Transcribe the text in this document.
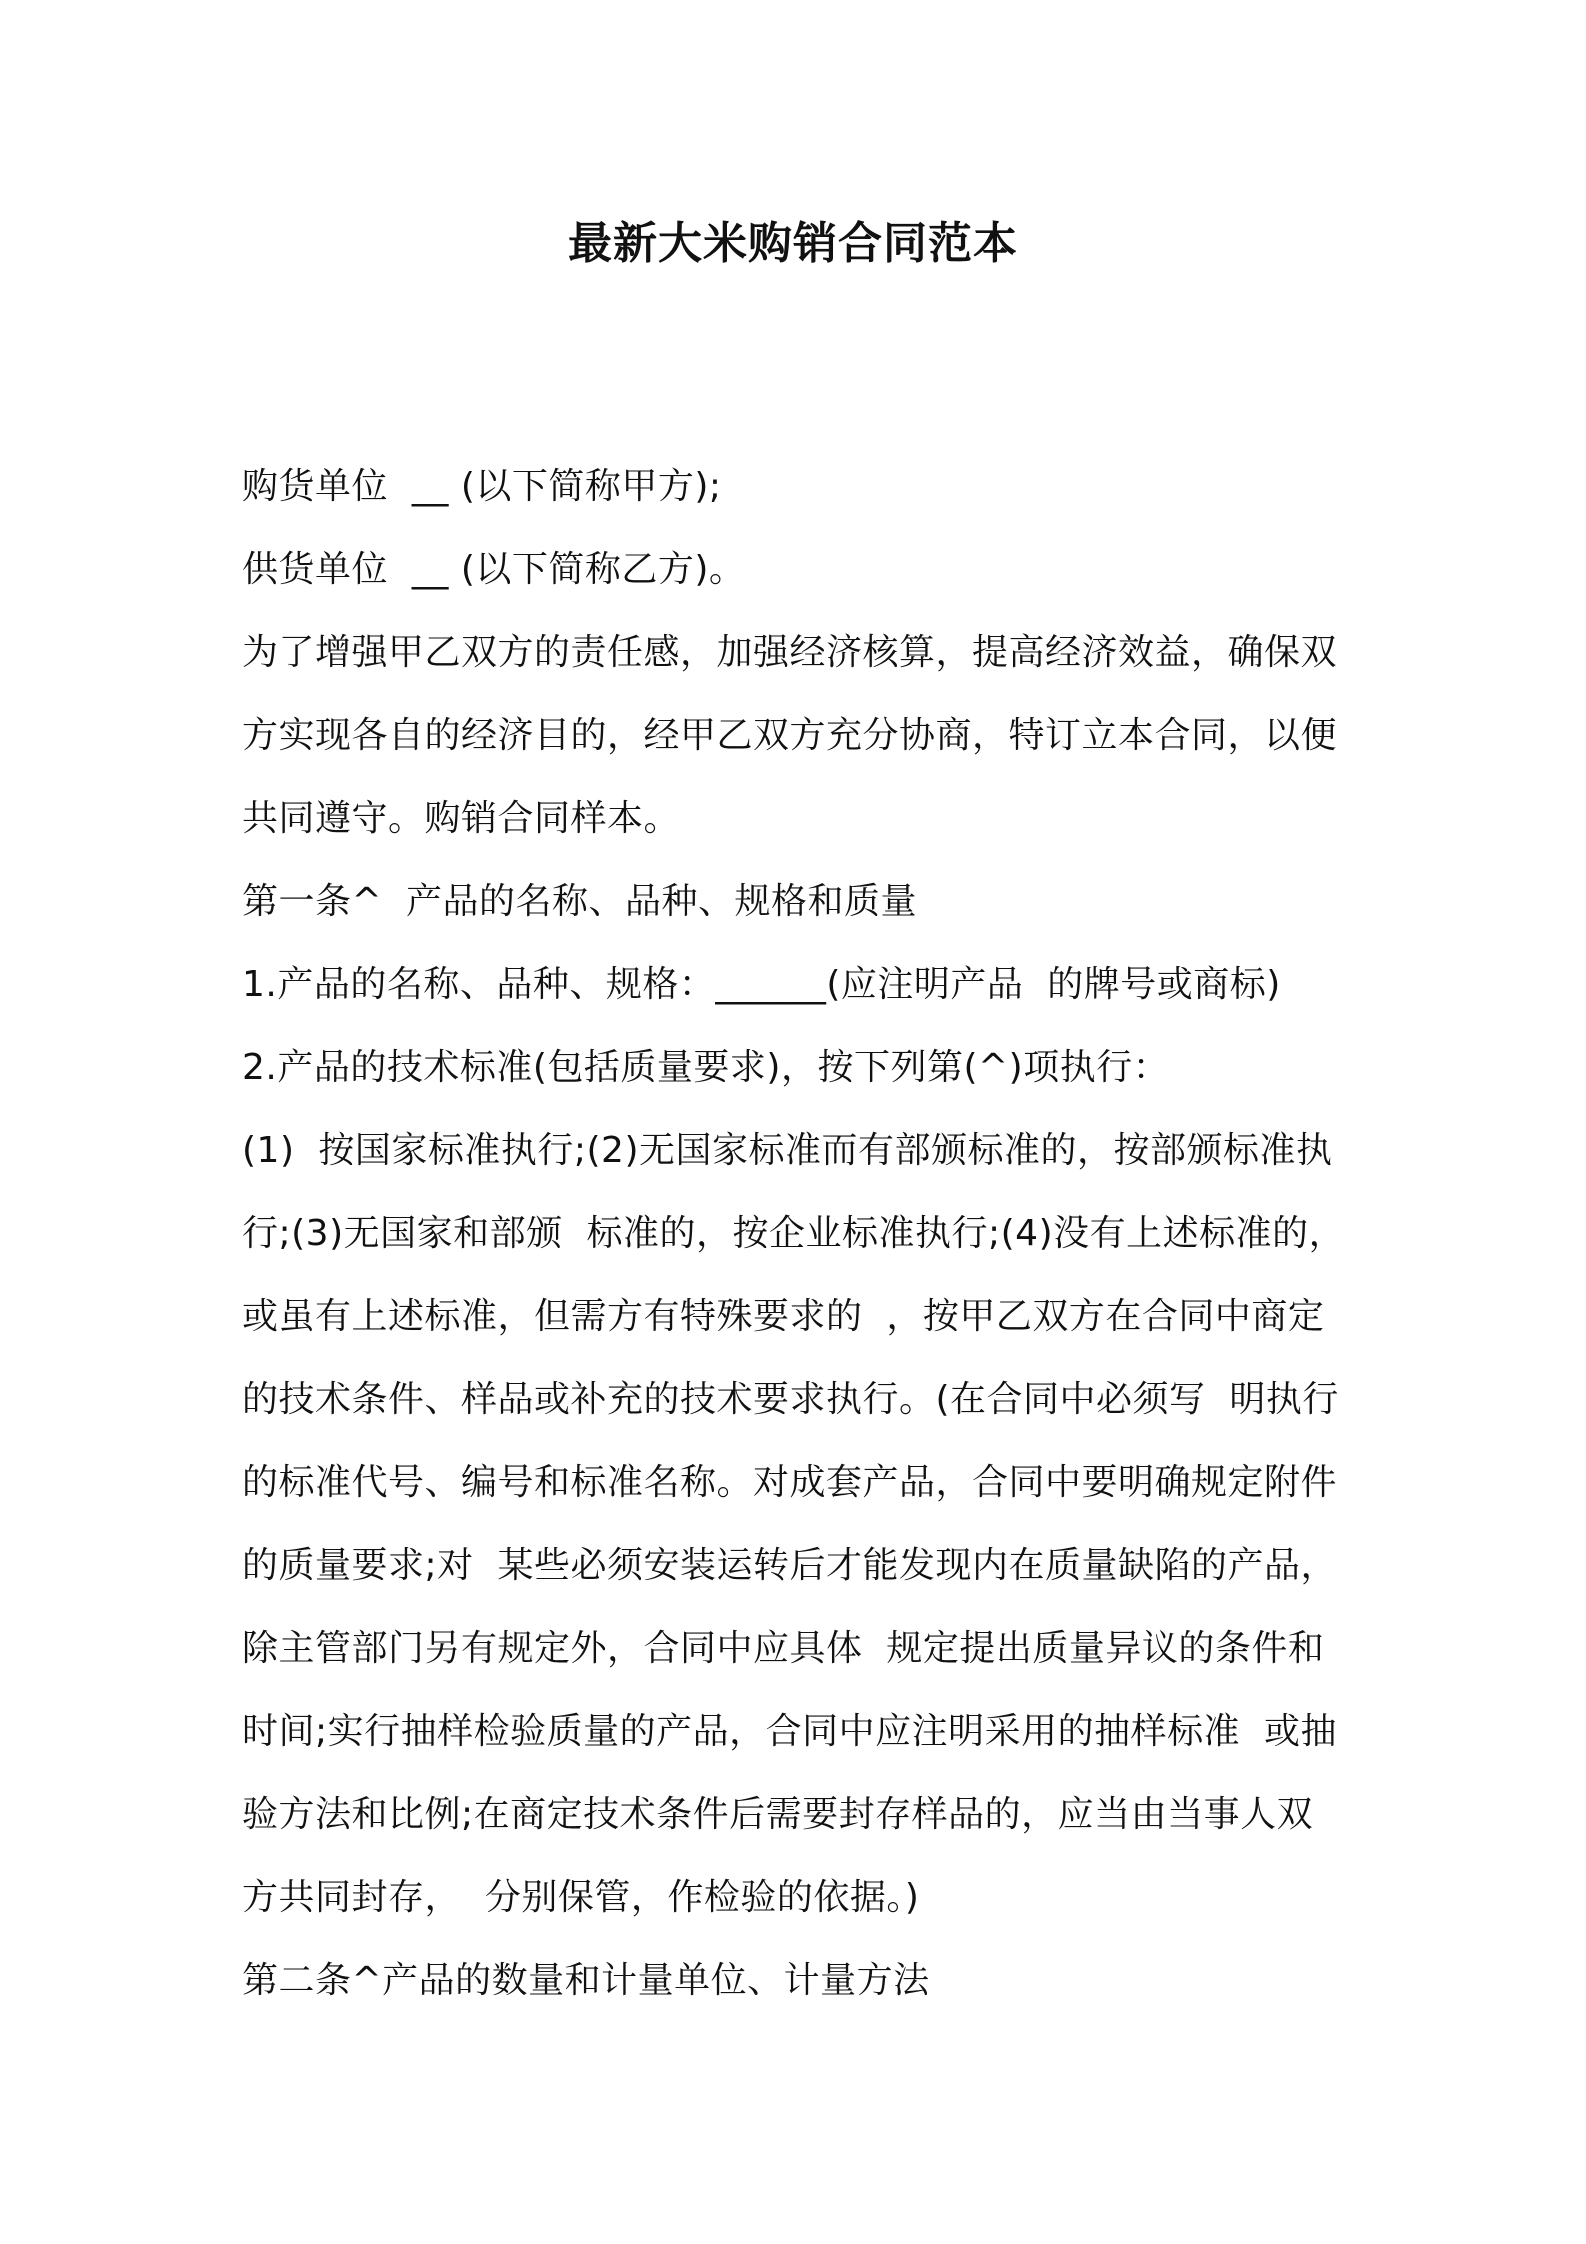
最新大米购销合同范本
购货单位  __ (以下简称甲方);
供货单位  __ (以下简称乙方)。
为了增强甲乙双方的责任感，加强经济核算，提高经济效益，确保双
方实现各自的经济目的，经甲乙双方充分协商，特订立本合同，以便
共同遵守。购销合同样本。
第一条^  产品的名称、品种、规格和质量
1.产品的名称、品种、规格：______(应注明产品  的牌号或商标)
2.产品的技术标准(包括质量要求)，按下列第(^)项执行：
(1)  按国家标准执行;(2)无国家标准而有部颁标准的，按部颁标准执
行;(3)无国家和部颁  标准的，按企业标准执行;(4)没有上述标准的，
或虽有上述标准，但需方有特殊要求的  ，按甲乙双方在合同中商定
的技术条件、样品或补充的技术要求执行。(在合同中必须写  明执行
的标准代号、编号和标准名称。对成套产品，合同中要明确规定附件
的质量要求;对  某些必须安装运转后才能发现内在质量缺陷的产品，
除主管部门另有规定外，合同中应具体  规定提出质量异议的条件和
时间;实行抽样检验质量的产品，合同中应注明采用的抽样标准  或抽
验方法和比例;在商定技术条件后需要封存样品的，应当由当事人双
方共同封存，  分别保管，作检验的依据。)
第二条^产品的数量和计量单位、计量方法
